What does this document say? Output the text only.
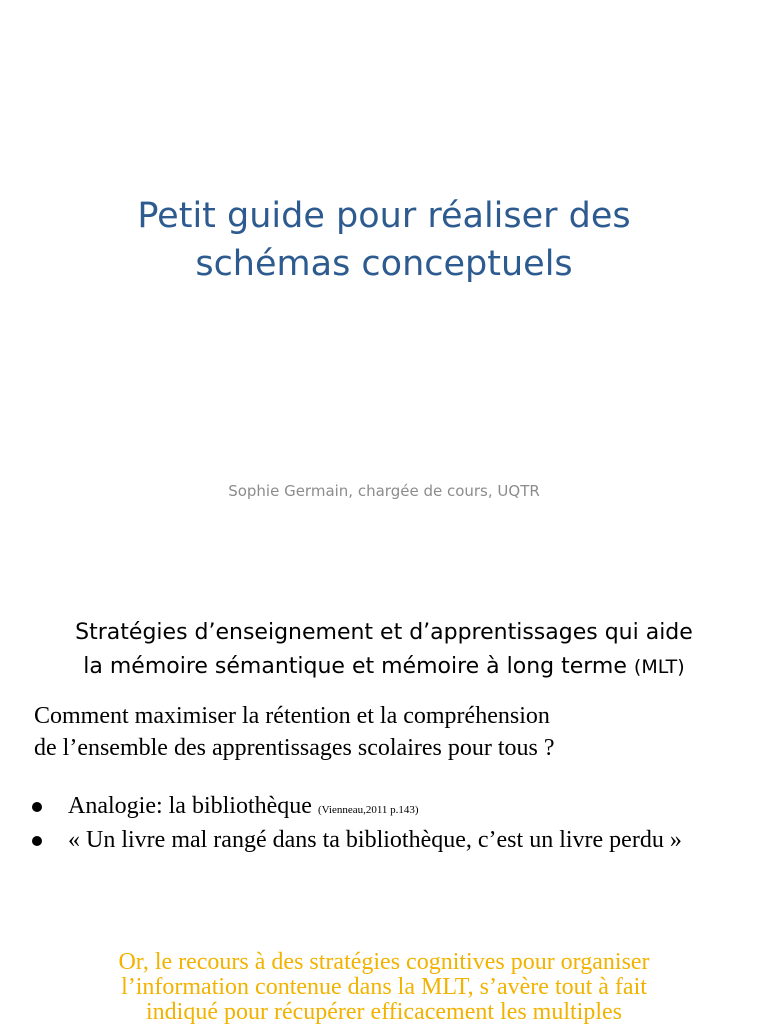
Petit guide pour réaliser des
schémas conceptuels
Sophie Germain, chargée de cours, UQTR
Stratégies d’enseignement et d’apprentissages qui aide
la mémoire sémantique et mémoire à long terme (MLT)
Comment maximiser la rétention et la compréhension
de l’ensemble des apprentissages scolaires pour tous ?
Analogie: la bibliothèque (Vienneau,2011 p.143)
« Un livre mal rangé dans ta bibliothèque, c’est un livre perdu »
Or, le recours à des stratégies cognitives pour organiser
l’information contenue dans la MLT, s’avère tout à fait
indiqué pour récupérer efficacement les multiples
